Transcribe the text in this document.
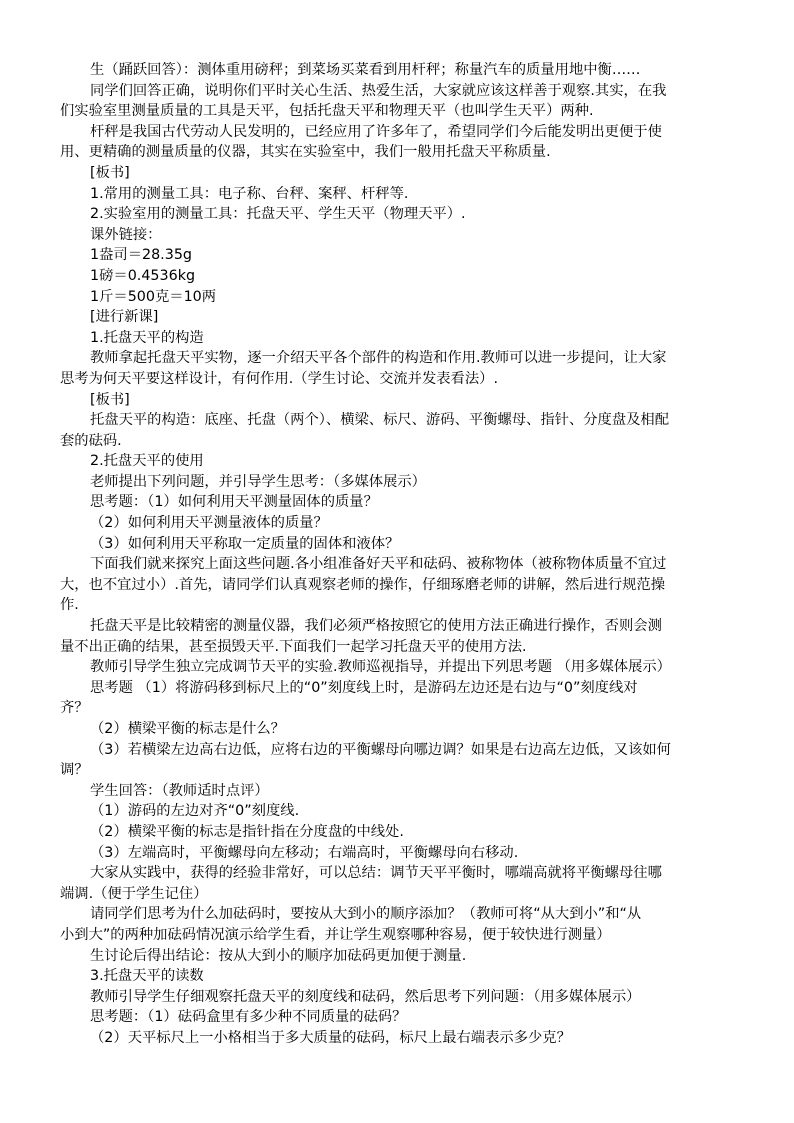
生（踊跃回答）：测体重用磅秤；到菜场买菜看到用杆秤；称量汽车的质量用地中衡……
同学们回答正确，说明你们平时关心生活、热爱生活，大家就应该这样善于观察.其实，在我
们实验室里测量质量的工具是天平，包括托盘天平和物理天平（也叫学生天平）两种.
杆秤是我国古代劳动人民发明的，已经应用了许多年了，希望同学们今后能发明出更便于使
用、更精确的测量质量的仪器，其实在实验室中，我们一般用托盘天平称质量.
[板书]
1.常用的测量工具：电子称、台秤、案秤、杆秤等.
2.实验室用的测量工具：托盘天平、学生天平（物理天平）.
课外链接：
1盎司＝28.35g
1磅＝0.4536kg
1斤＝500克＝10两
[进行新课]
1.托盘天平的构造
教师拿起托盘天平实物，逐一介绍天平各个部件的构造和作用.教师可以进一步提问，让大家
思考为何天平要这样设计，有何作用.（学生讨论、交流并发表看法）.
[板书]
托盘天平的构造：底座、托盘（两个）、横梁、标尺、游码、平衡螺母、指针、分度盘及相配
套的砝码.
2.托盘天平的使用
老师提出下列问题，并引导学生思考：（多媒体展示）
思考题：（1）如何利用天平测量固体的质量？
（2）如何利用天平测量液体的质量？
（3）如何利用天平称取一定质量的固体和液体？
下面我们就来探究上面这些问题.各小组准备好天平和砝码、被称物体（被称物体质量不宜过
大，也不宜过小）.首先，请同学们认真观察老师的操作，仔细琢磨老师的讲解，然后进行规范操
作.
托盘天平是比较精密的测量仪器，我们必须严格按照它的使用方法正确进行操作，否则会测
量不出正确的结果，甚至损毁天平.下面我们一起学习托盘天平的使用方法.
教师引导学生独立完成调节天平的实验.教师巡视指导，并提出下列思考题 （用多媒体展示）
思考题 （1）将游码移到标尺上的“0”刻度线上时，是游码左边还是右边与“0”刻度线对
齐？
（2）横梁平衡的标志是什么？
（3）若横梁左边高右边低，应将右边的平衡螺母向哪边调？如果是右边高左边低，又该如何
调？
学生回答：（教师适时点评）
（1）游码的左边对齐“0”刻度线.
（2）横梁平衡的标志是指针指在分度盘的中线处.
（3）左端高时，平衡螺母向左移动；右端高时，平衡螺母向右移动.
大家从实践中，获得的经验非常好，可以总结：调节天平平衡时，哪端高就将平衡螺母往哪
端调.（便于学生记住）
请同学们思考为什么加砝码时，要按从大到小的顺序添加？（教师可将“从大到小”和“从
小到大”的两种加砝码情况演示给学生看，并让学生观察哪种容易，便于较快进行测量）
生讨论后得出结论：按从大到小的顺序加砝码更加便于测量.
3.托盘天平的读数
教师引导学生仔细观察托盘天平的刻度线和砝码，然后思考下列问题：（用多媒体展示）
思考题：（1）砝码盒里有多少种不同质量的砝码？
（2）天平标尺上一小格相当于多大质量的砝码，标尺上最右端表示多少克？
